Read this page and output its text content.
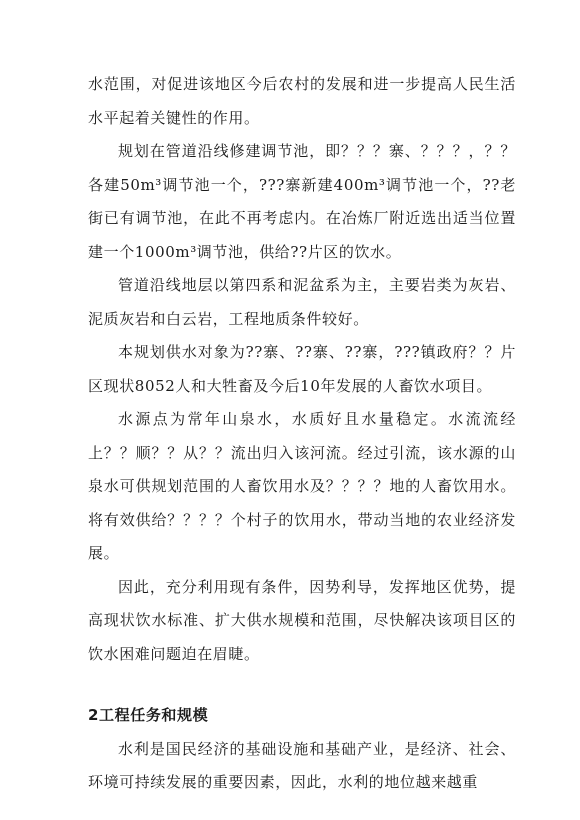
水范围，对促进该地区今后农村的发展和进一步提高人民生活水平起着关键性的作用。

规划在管道沿线修建调节池，即？？？寨、？？？，？？各建50m³调节池一个，???寨新建400m³调节池一个，??老街已有调节池，在此不再考虑内。在冶炼厂附近选出适当位置建一个1000m³调节池，供给??片区的饮水。

管道沿线地层以第四系和泥盆系为主，主要岩类为灰岩、泥质灰岩和白云岩，工程地质条件较好。

本规划供水对象为??寨、??寨、??寨，???镇政府？？片区现状8052人和大牲畜及今后10年发展的人畜饮水项目。

水源点为常年山泉水，水质好且水量稳定。水流流经上？？顺？？从？？流出归入该河流。经过引流，该水源的山泉水可供规划范围的人畜饮用水及？？？？地的人畜饮用水。将有效供给？？？？个村子的饮用水，带动当地的农业经济发展。

因此，充分利用现有条件，因势利导，发挥地区优势，提高现状饮水标准、扩大供水规模和范围，尽快解决该项目区的饮水困难问题迫在眉睫。

2工程任务和规模

水利是国民经济的基础设施和基础产业，是经济、社会、环境可持续发展的重要因素，因此，水利的地位越来越重
